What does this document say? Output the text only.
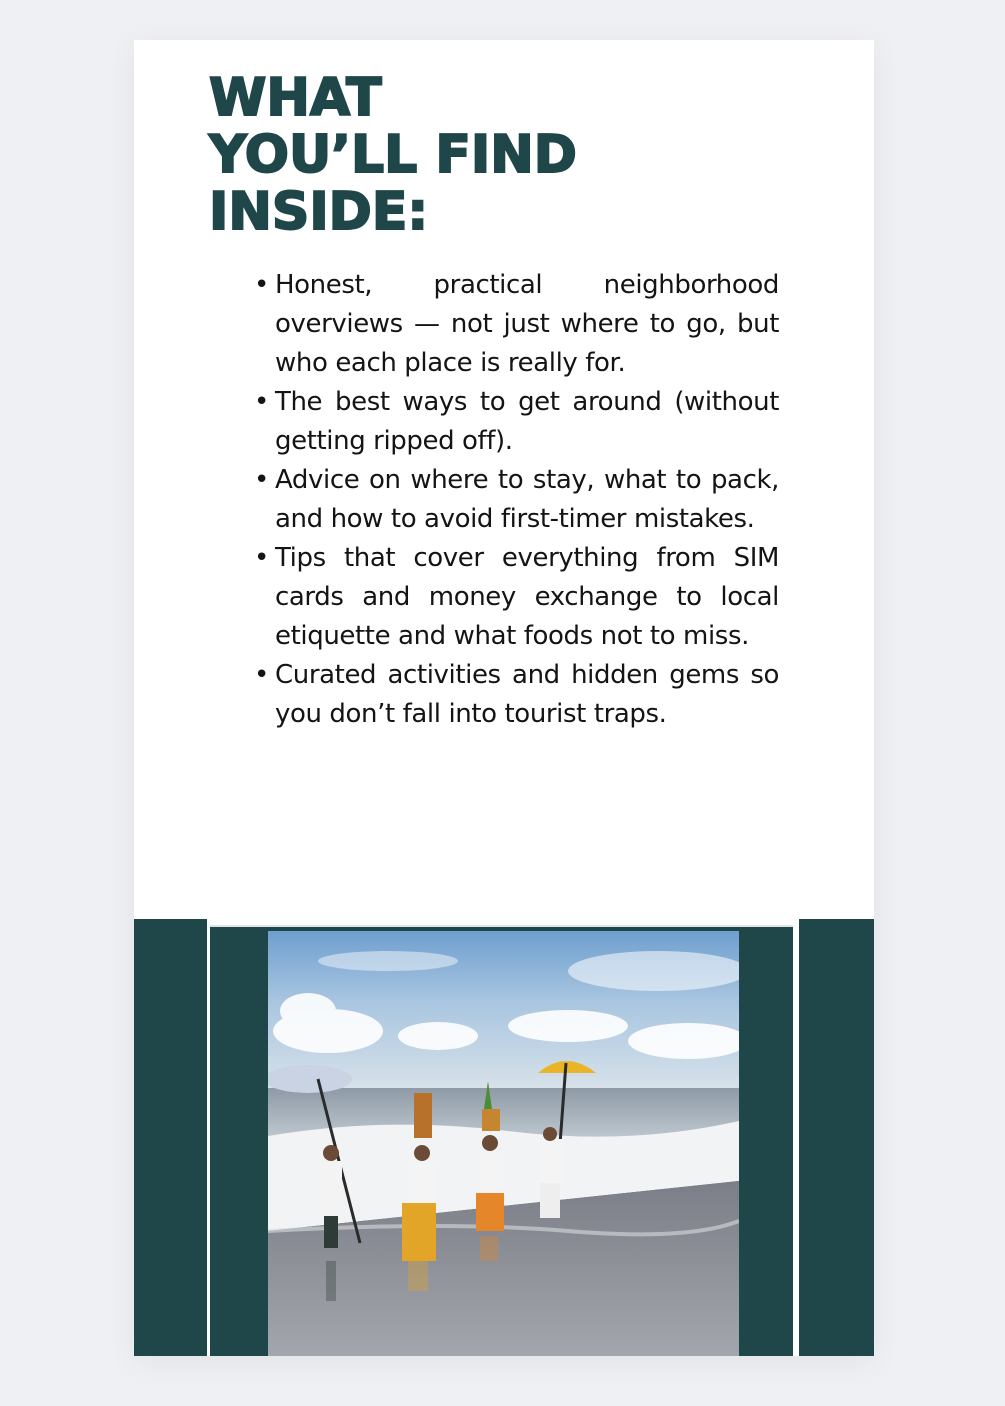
WHAT
YOU’LL FIND
INSIDE:
• Honest, practical neighborhood overviews — not just where to go, but who each place is really for.
• The best ways to get around (without getting ripped off).
• Advice on where to stay, what to pack, and how to avoid first-timer mistakes.
• Tips that cover everything from SIM cards and money exchange to local etiquette and what foods not to miss.
• Curated activities and hidden gems so you don’t fall into tourist traps.
